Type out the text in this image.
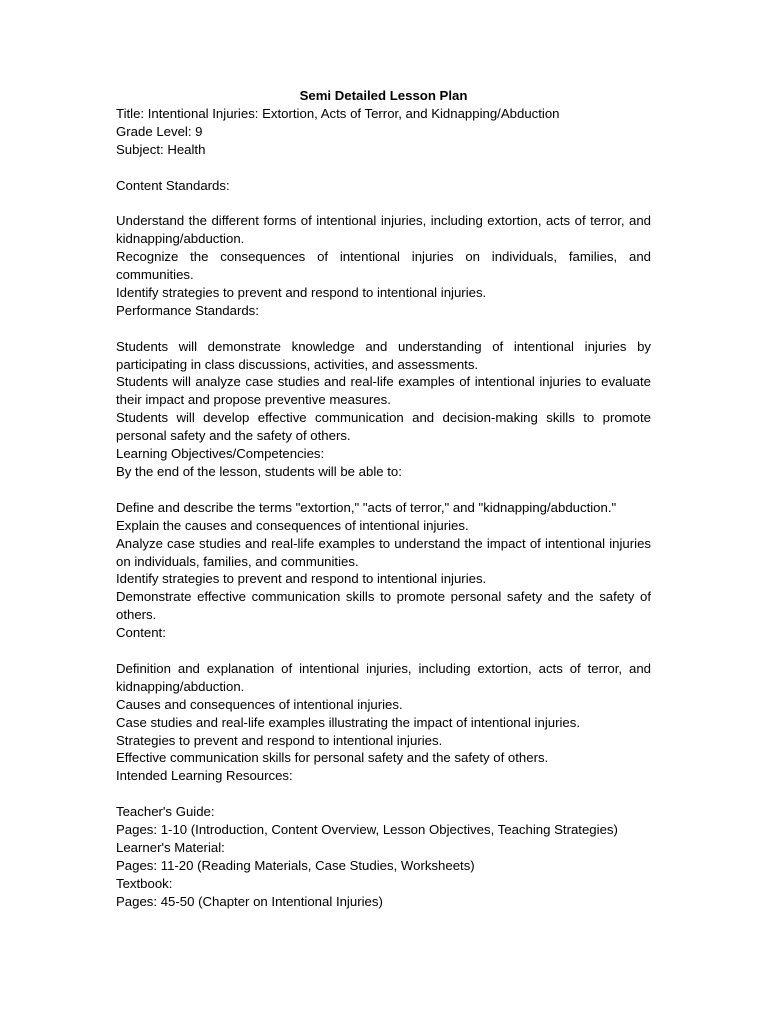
Semi Detailed Lesson Plan

Title: Intentional Injuries: Extortion, Acts of Terror, and Kidnapping/Abduction

Grade Level: 9

Subject: Health

Content Standards:

Understand the different forms of intentional injuries, including extortion, acts of terror, and kidnapping/abduction.

Recognize the consequences of intentional injuries on individuals, families, and communities.

Identify strategies to prevent and respond to intentional injuries.

Performance Standards:

Students will demonstrate knowledge and understanding of intentional injuries by participating in class discussions, activities, and assessments.

Students will analyze case studies and real-life examples of intentional injuries to evaluate their impact and propose preventive measures.

Students will develop effective communication and decision-making skills to promote personal safety and the safety of others.

Learning Objectives/Competencies:

By the end of the lesson, students will be able to:

Define and describe the terms "extortion," "acts of terror," and "kidnapping/abduction."

Explain the causes and consequences of intentional injuries.

Analyze case studies and real-life examples to understand the impact of intentional injuries on individuals, families, and communities.

Identify strategies to prevent and respond to intentional injuries.

Demonstrate effective communication skills to promote personal safety and the safety of others.

Content:

Definition and explanation of intentional injuries, including extortion, acts of terror, and kidnapping/abduction.

Causes and consequences of intentional injuries.

Case studies and real-life examples illustrating the impact of intentional injuries.

Strategies to prevent and respond to intentional injuries.

Effective communication skills for personal safety and the safety of others.

Intended Learning Resources:

Teacher's Guide:

Pages: 1-10 (Introduction, Content Overview, Lesson Objectives, Teaching Strategies)

Learner's Material:

Pages: 11-20 (Reading Materials, Case Studies, Worksheets)

Textbook:

Pages: 45-50 (Chapter on Intentional Injuries)
